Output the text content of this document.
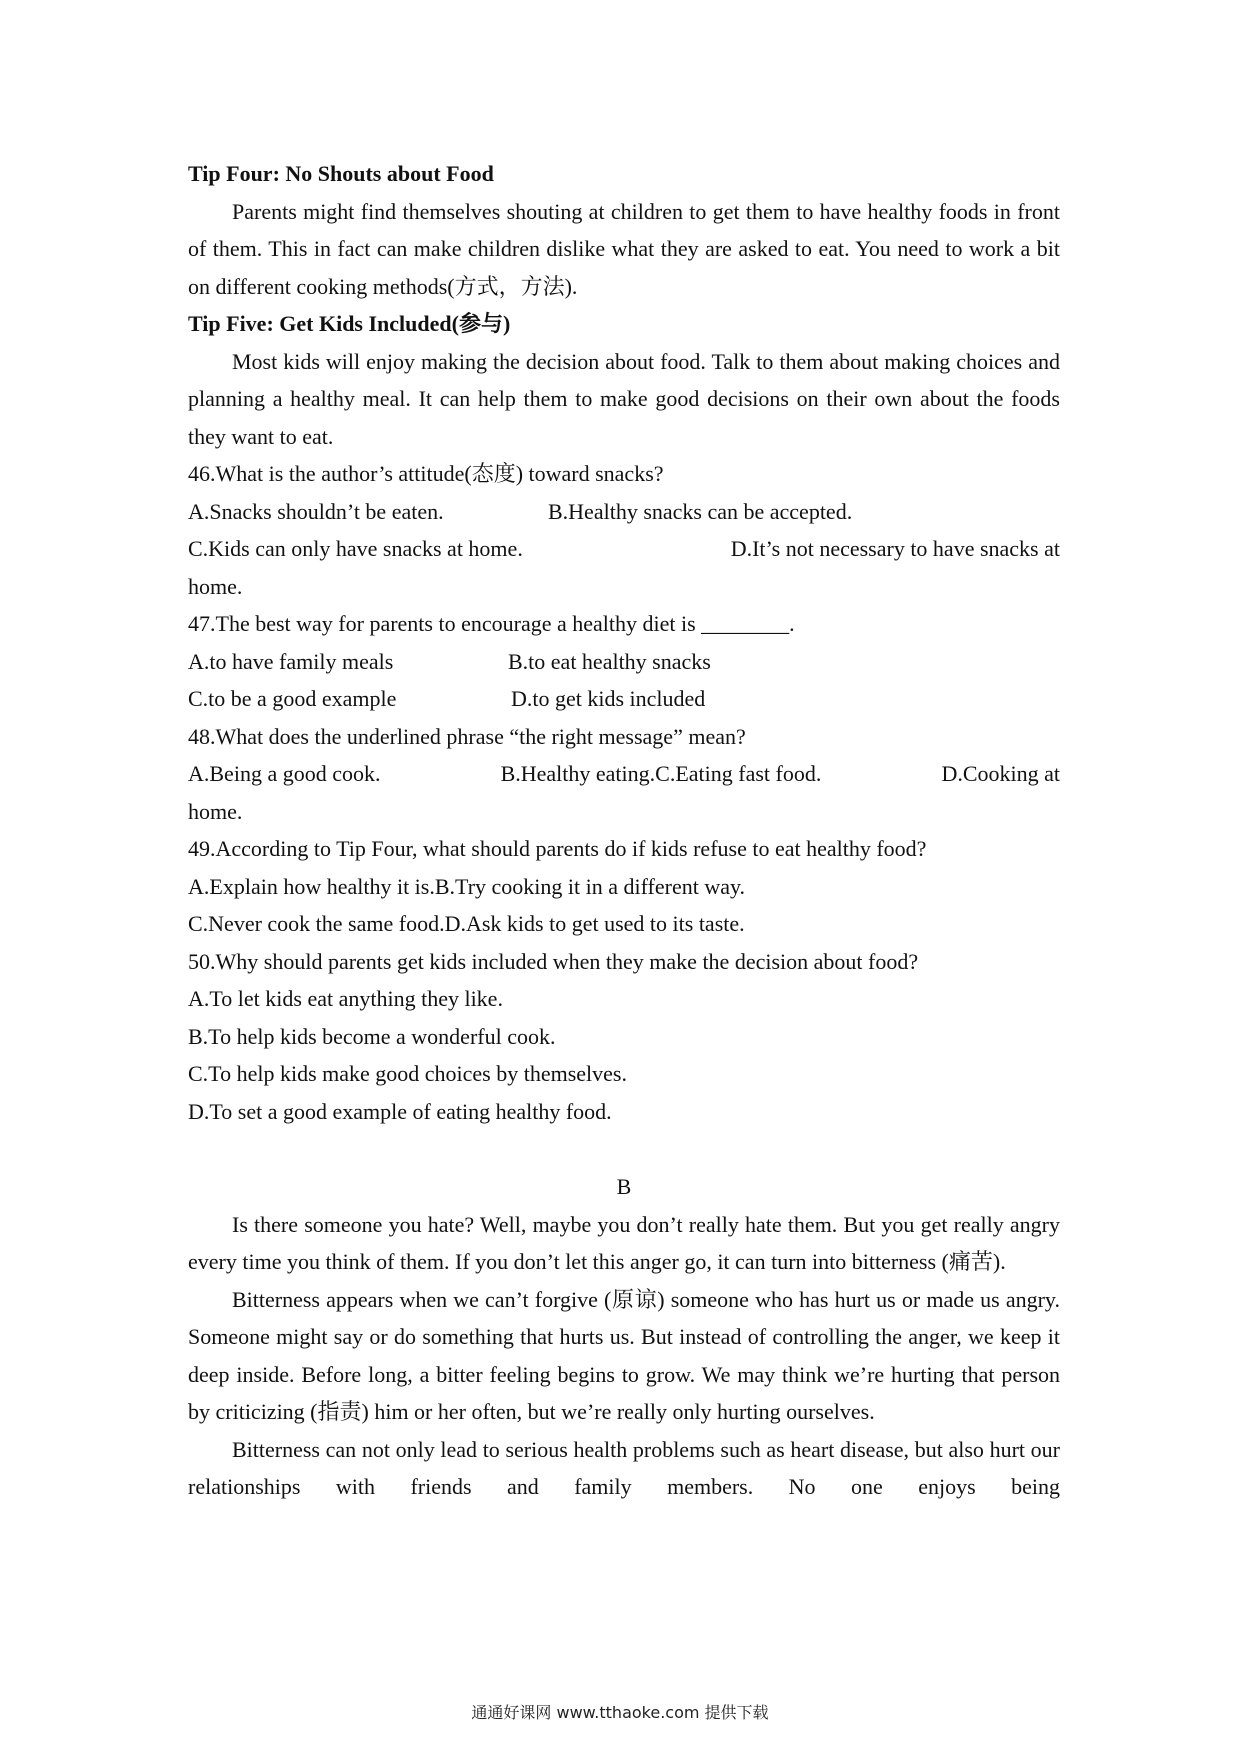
Tip Four: No Shouts about Food

Parents might find themselves shouting at children to get them to have healthy foods in front of them. This in fact can make children dislike what they are asked to eat. You need to work a bit on different cooking methods(方式，方法).

Tip Five: Get Kids Included(参与)

Most kids will enjoy making the decision about food. Talk to them about making choices and planning a healthy meal. It can help them to make good decisions on their own about the foods they want to eat.

46.What is the author’s attitude(态度) toward snacks?

A.Snacks shouldn’t be eaten.	B.Healthy snacks can be accepted.

C.Kids can only have snacks at home.	D.It’s not necessary to have snacks at

home.

47.The best way for parents to encourage a healthy diet is ________.

A.to have family meals	B.to eat healthy snacks
C.to be a good example	D.to get kids included

48.What does the underlined phrase “the right message” mean?

A.Being a good cook.	B.Healthy eating.C.Eating fast food.	D.Cooking at

home.

49.According to Tip Four, what should parents do if kids refuse to eat healthy food?

A.Explain how healthy it is.B.Try cooking it in a different way.

C.Never cook the same food.D.Ask kids to get used to its taste.

50.Why should parents get kids included when they make the decision about food?

A.To let kids eat anything they like.

B.To help kids become a wonderful cook.

C.To help kids make good choices by themselves.

D.To set a good example of eating healthy food.

B

Is there someone you hate? Well, maybe you don’t really hate them. But you get really angry every time you think of them. If you don’t let this anger go, it can turn into bitterness (痛苦).

Bitterness appears when we can’t forgive (原谅) someone who has hurt us or made us angry. Someone might say or do something that hurts us. But instead of controlling the anger, we keep it deep inside. Before long, a bitter feeling begins to grow. We may think we’re hurting that person by criticizing (指责) him or her often, but we’re really only hurting ourselves.

Bitterness can not only lead to serious health problems such as heart disease, but also hurt our relationships with friends and family members. No one enjoys being

通通好课网 www.tthaoke.com 提供下载
